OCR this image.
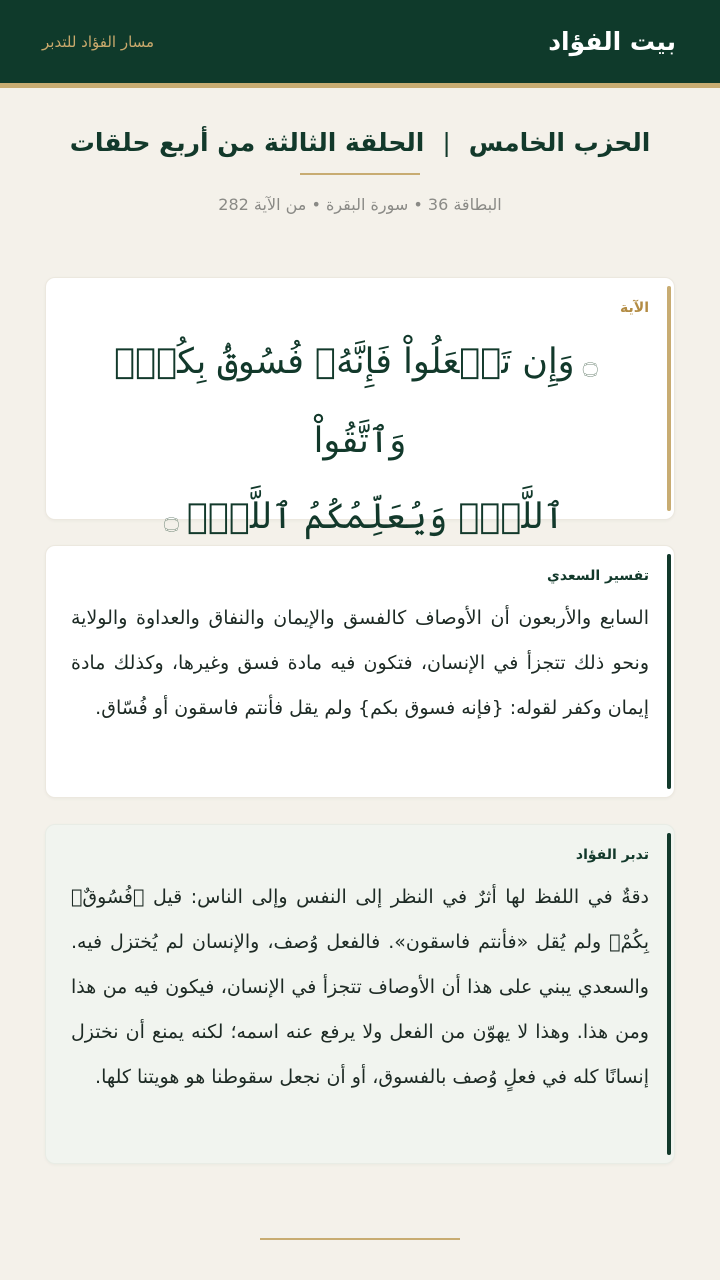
بيت الفؤاد
مسار الفؤاد للتدبر
الحزب الخامس
|
الحلقة الثالثة من أربع حلقات
البطاقة 36 • سورة البقرة • من الآية 282
الآية
۝وَإِن تَفۡعَلُواْ فَإِنَّهُۥ فُسُوقُۢ بِكُمۡۗ وَٱتَّقُواْ
ٱللَّهَۖ وَيُعَلِّمُكُمُ ٱللَّهُۗ۝
تفسير السعدي
السابع والأربعون أن الأوصاف كالفسق والإيمان والنفاق والعداوة والولاية ونحو ذلك تتجزأ في الإنسان، فتكون فيه مادة فسق وغيرها، وكذلك مادة إيمان وكفر لقوله: {فإنه فسوق بكم} ولم يقل فأنتم فاسقون أو فُسّاق.
تدبر الفؤاد
دقةٌ في اللفظ لها أثرٌ في النظر إلى النفس وإلى الناس: قيل ﴿فُسُوقٌۢ بِكُمْ﴾ ولم يُقل «فأنتم فاسقون». فالفعل وُصف، والإنسان لم يُختزل فيه. والسعدي يبني على هذا أن الأوصاف تتجزأ في الإنسان، فيكون فيه من هذا ومن هذا. وهذا لا يهوّن من الفعل ولا يرفع عنه اسمه؛ لكنه يمنع أن نختزل إنسانًا كله في فعلٍ وُصف بالفسوق، أو أن نجعل سقوطنا هو هويتنا كلها.
